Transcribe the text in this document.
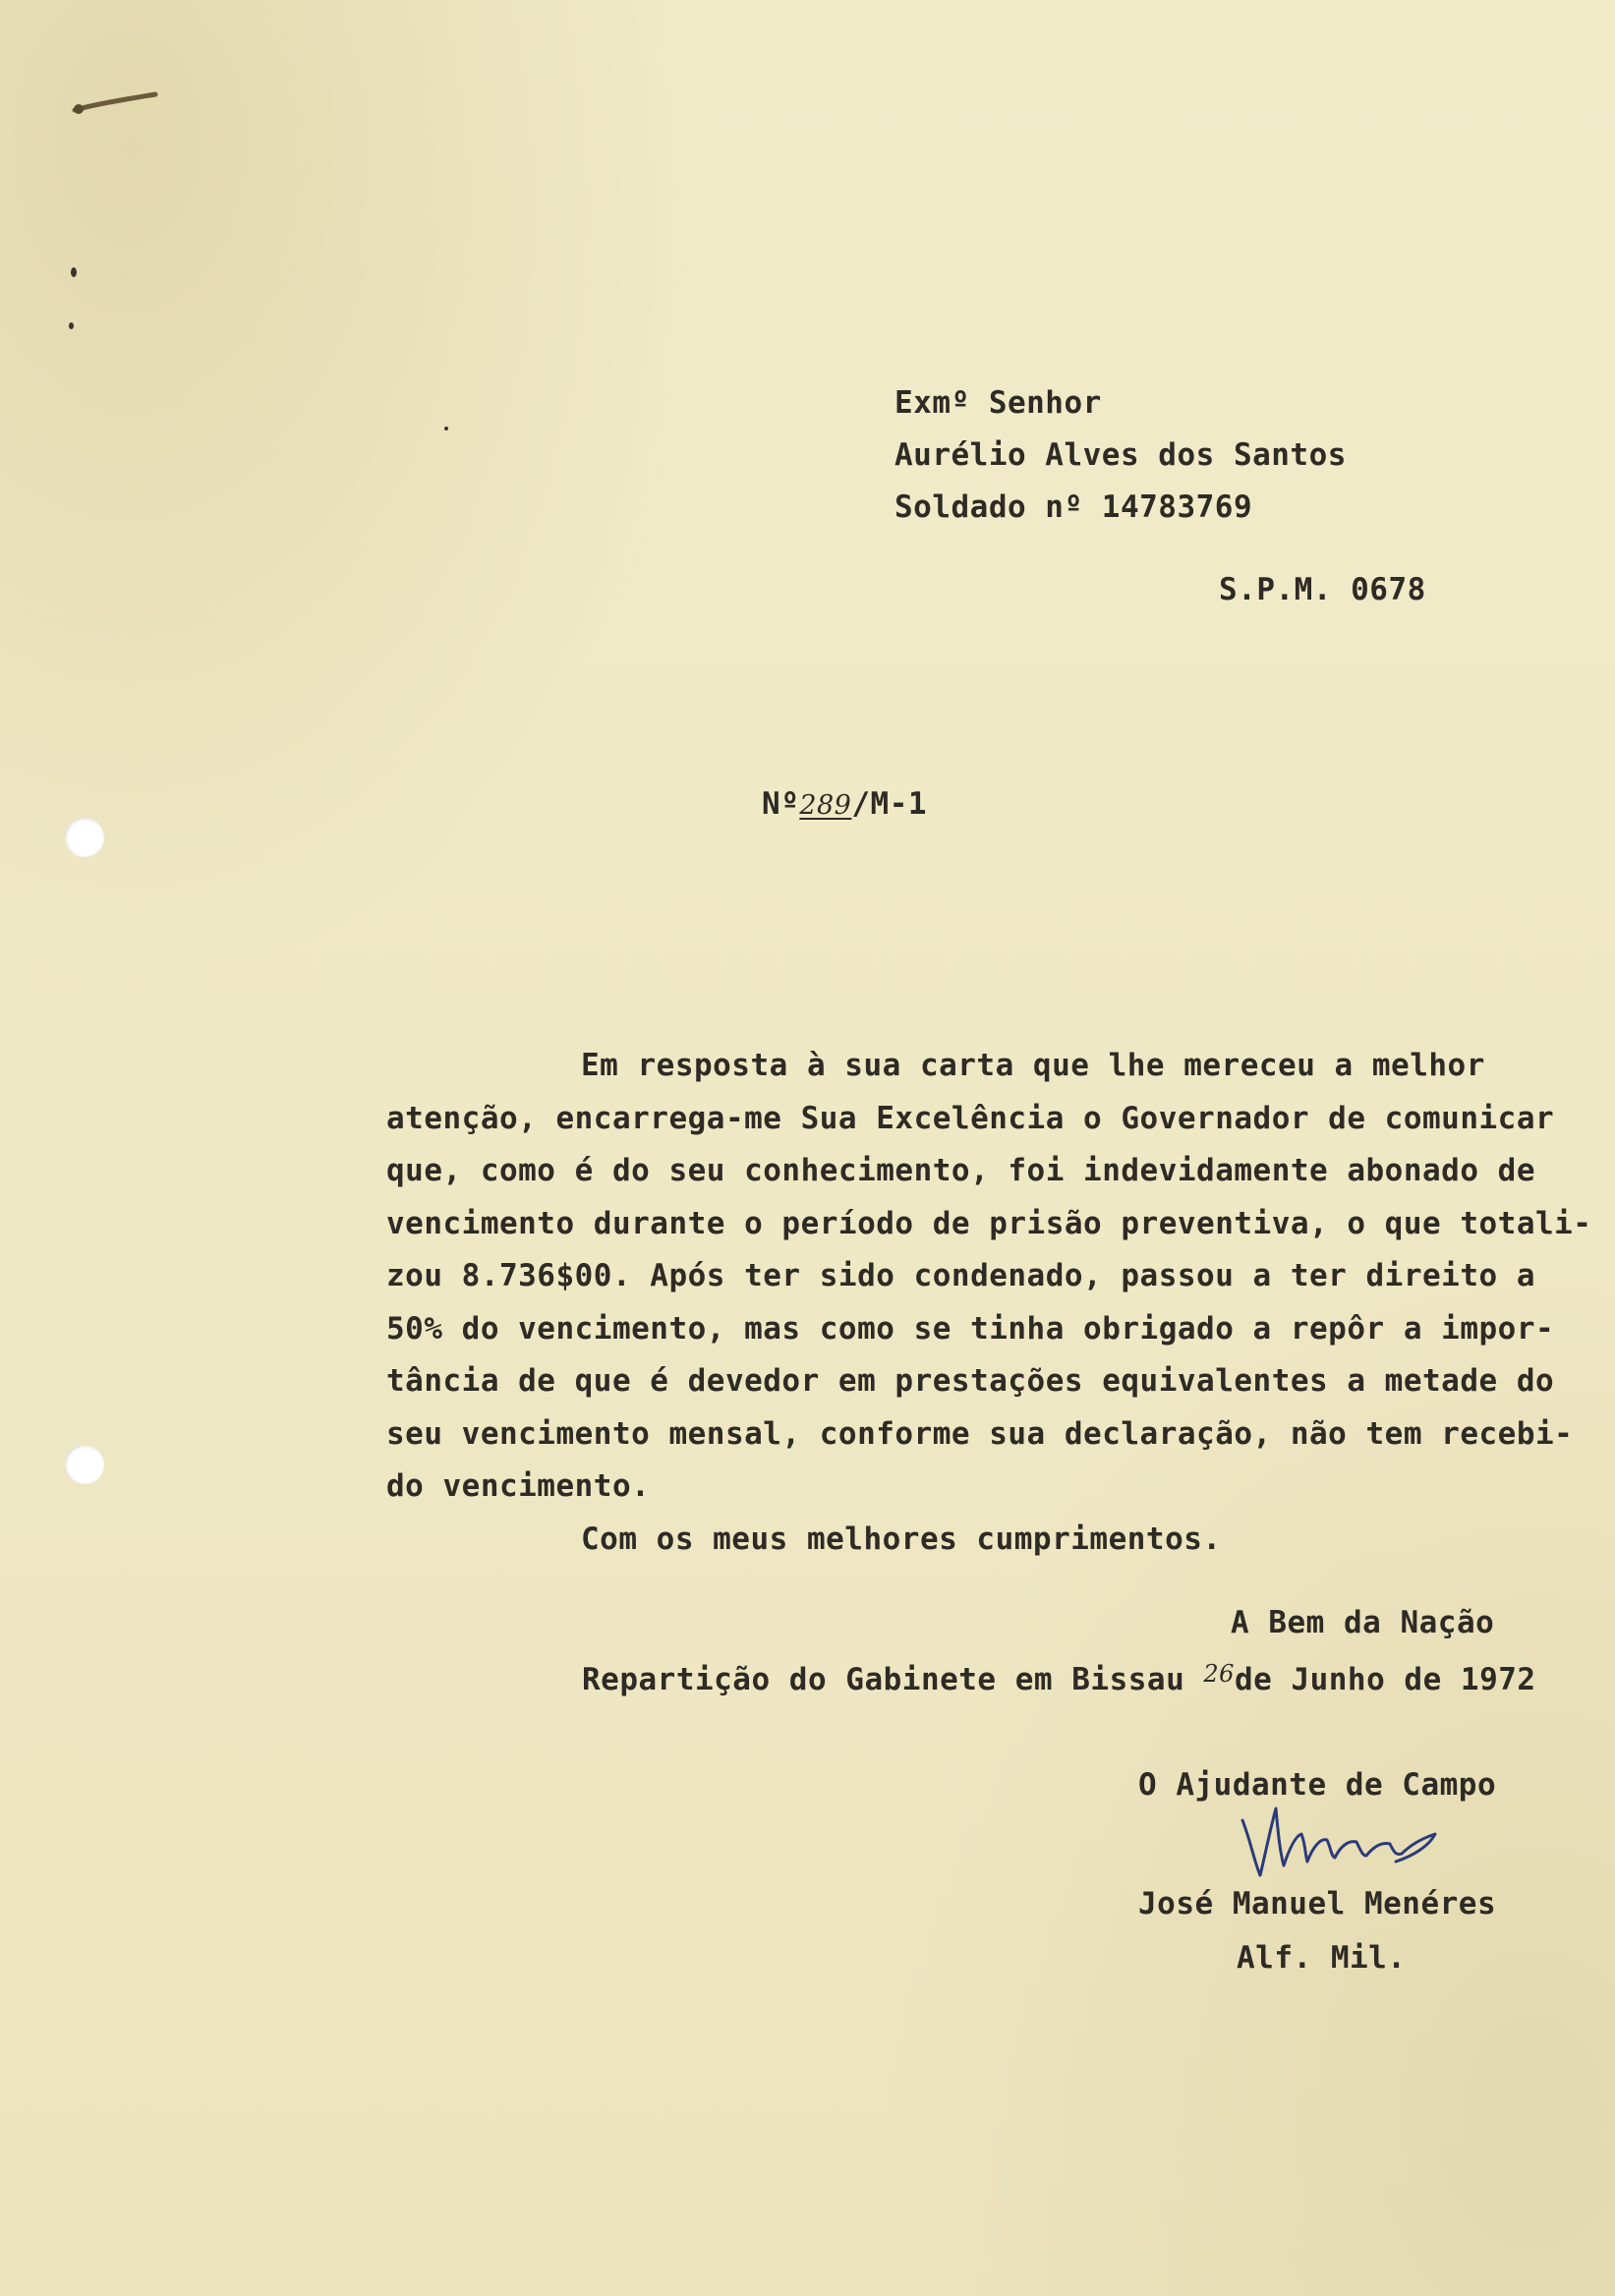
Exmº Senhor
Aurélio Alves dos Santos
Soldado nº 14783769
S.P.M. 0678
Nº289/M-1
Em resposta à sua carta que lhe mereceu a melhor
atenção, encarrega-me Sua Excelência o Governador de comunicar
que, como é do seu conhecimento, foi indevidamente abonado de
vencimento durante o período de prisão preventiva, o que totali-
zou 8.736$00. Após ter sido condenado, passou a ter direito a
50% do vencimento, mas como se tinha obrigado a repôr a impor-
tância de que é devedor em prestações equivalentes a metade do
seu vencimento mensal, conforme sua declaração, não tem recebi-
do vencimento.
Com os meus melhores cumprimentos.
A Bem da Nação
Repartição do Gabinete em Bissau $^{26}$de Junho de 1972
O Ajudante de Campo
José Manuel Menéres
Alf. Mil.
